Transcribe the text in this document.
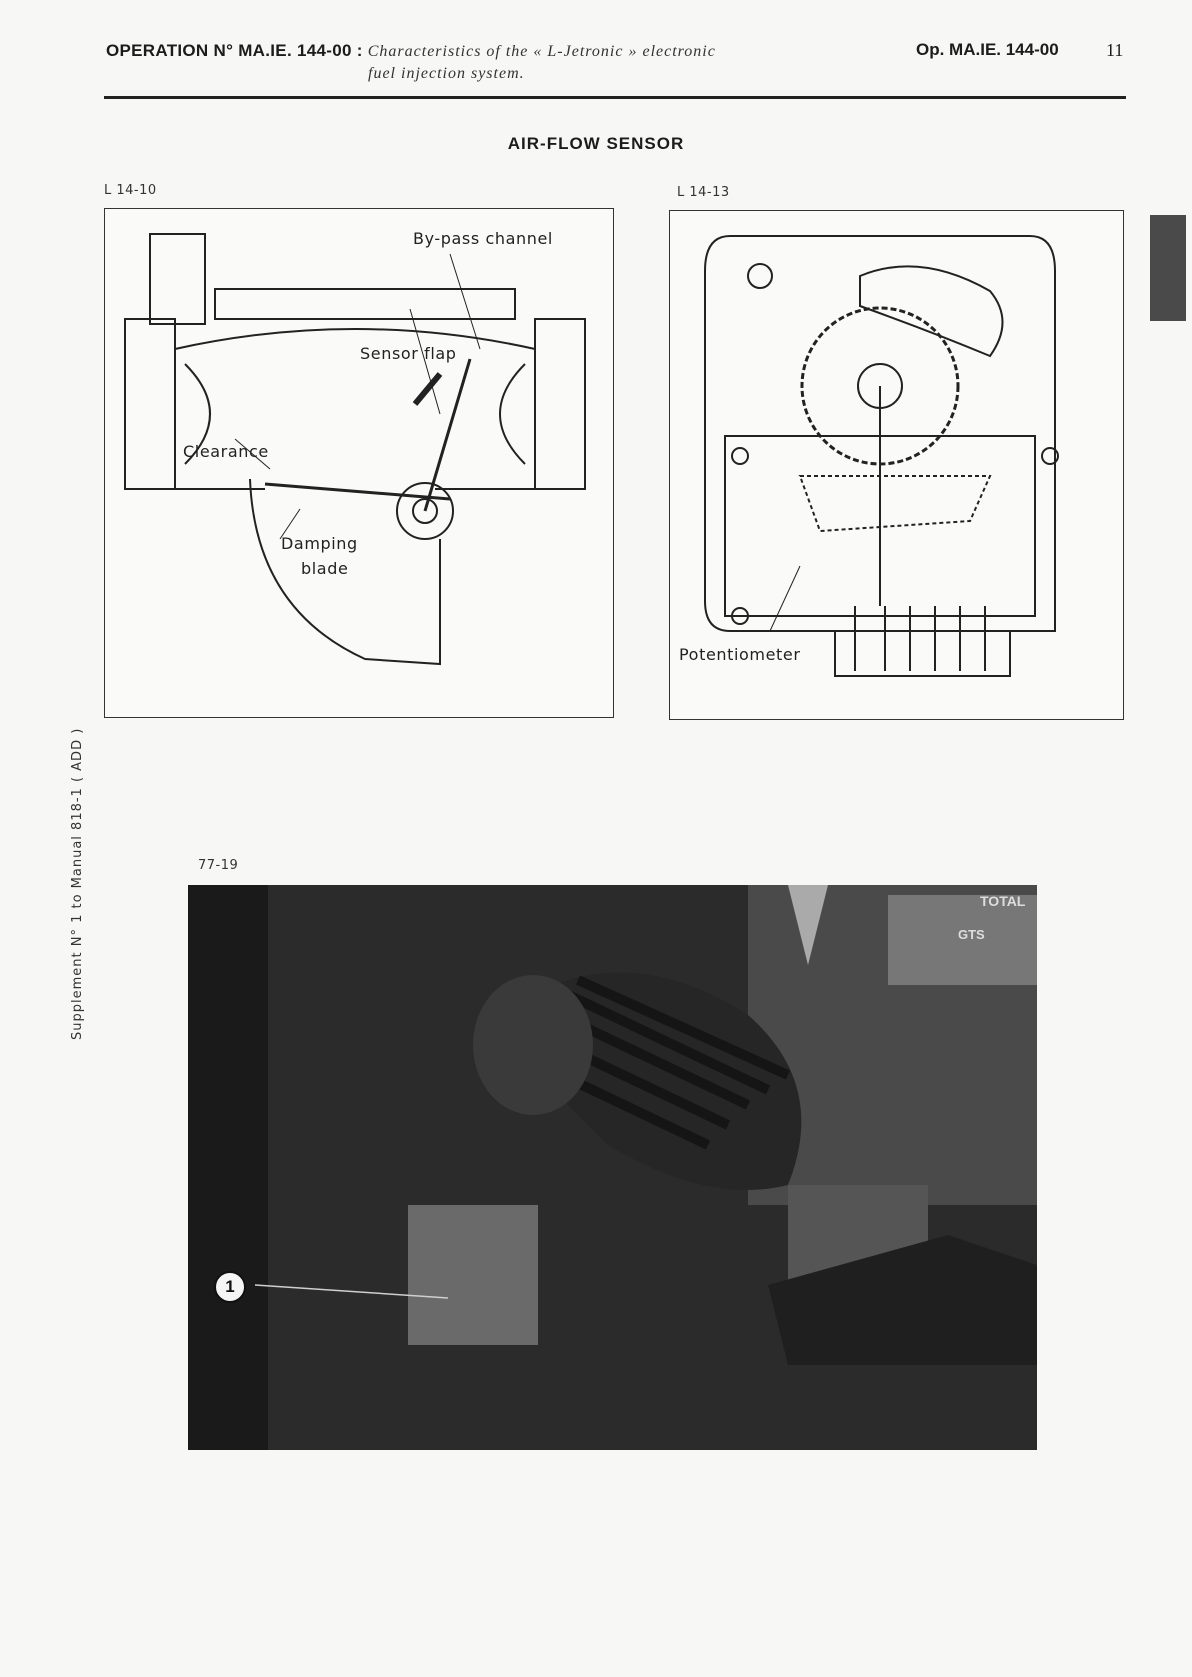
OPERATION N° MA.IE. 144-00 : Characteristics of the « L-Jetronic » electronic
fuel injection system.
Op. MA.IE. 144-00	11
AIR-FLOW SENSOR
Supplement N° 1 to Manual 818-1 ( ADD )
L 14-10
By-pass channel
Sensor flap
Clearance
Damping
blade
L 14-13
Potentiometer
77-19
TOTAL
GTS
1
